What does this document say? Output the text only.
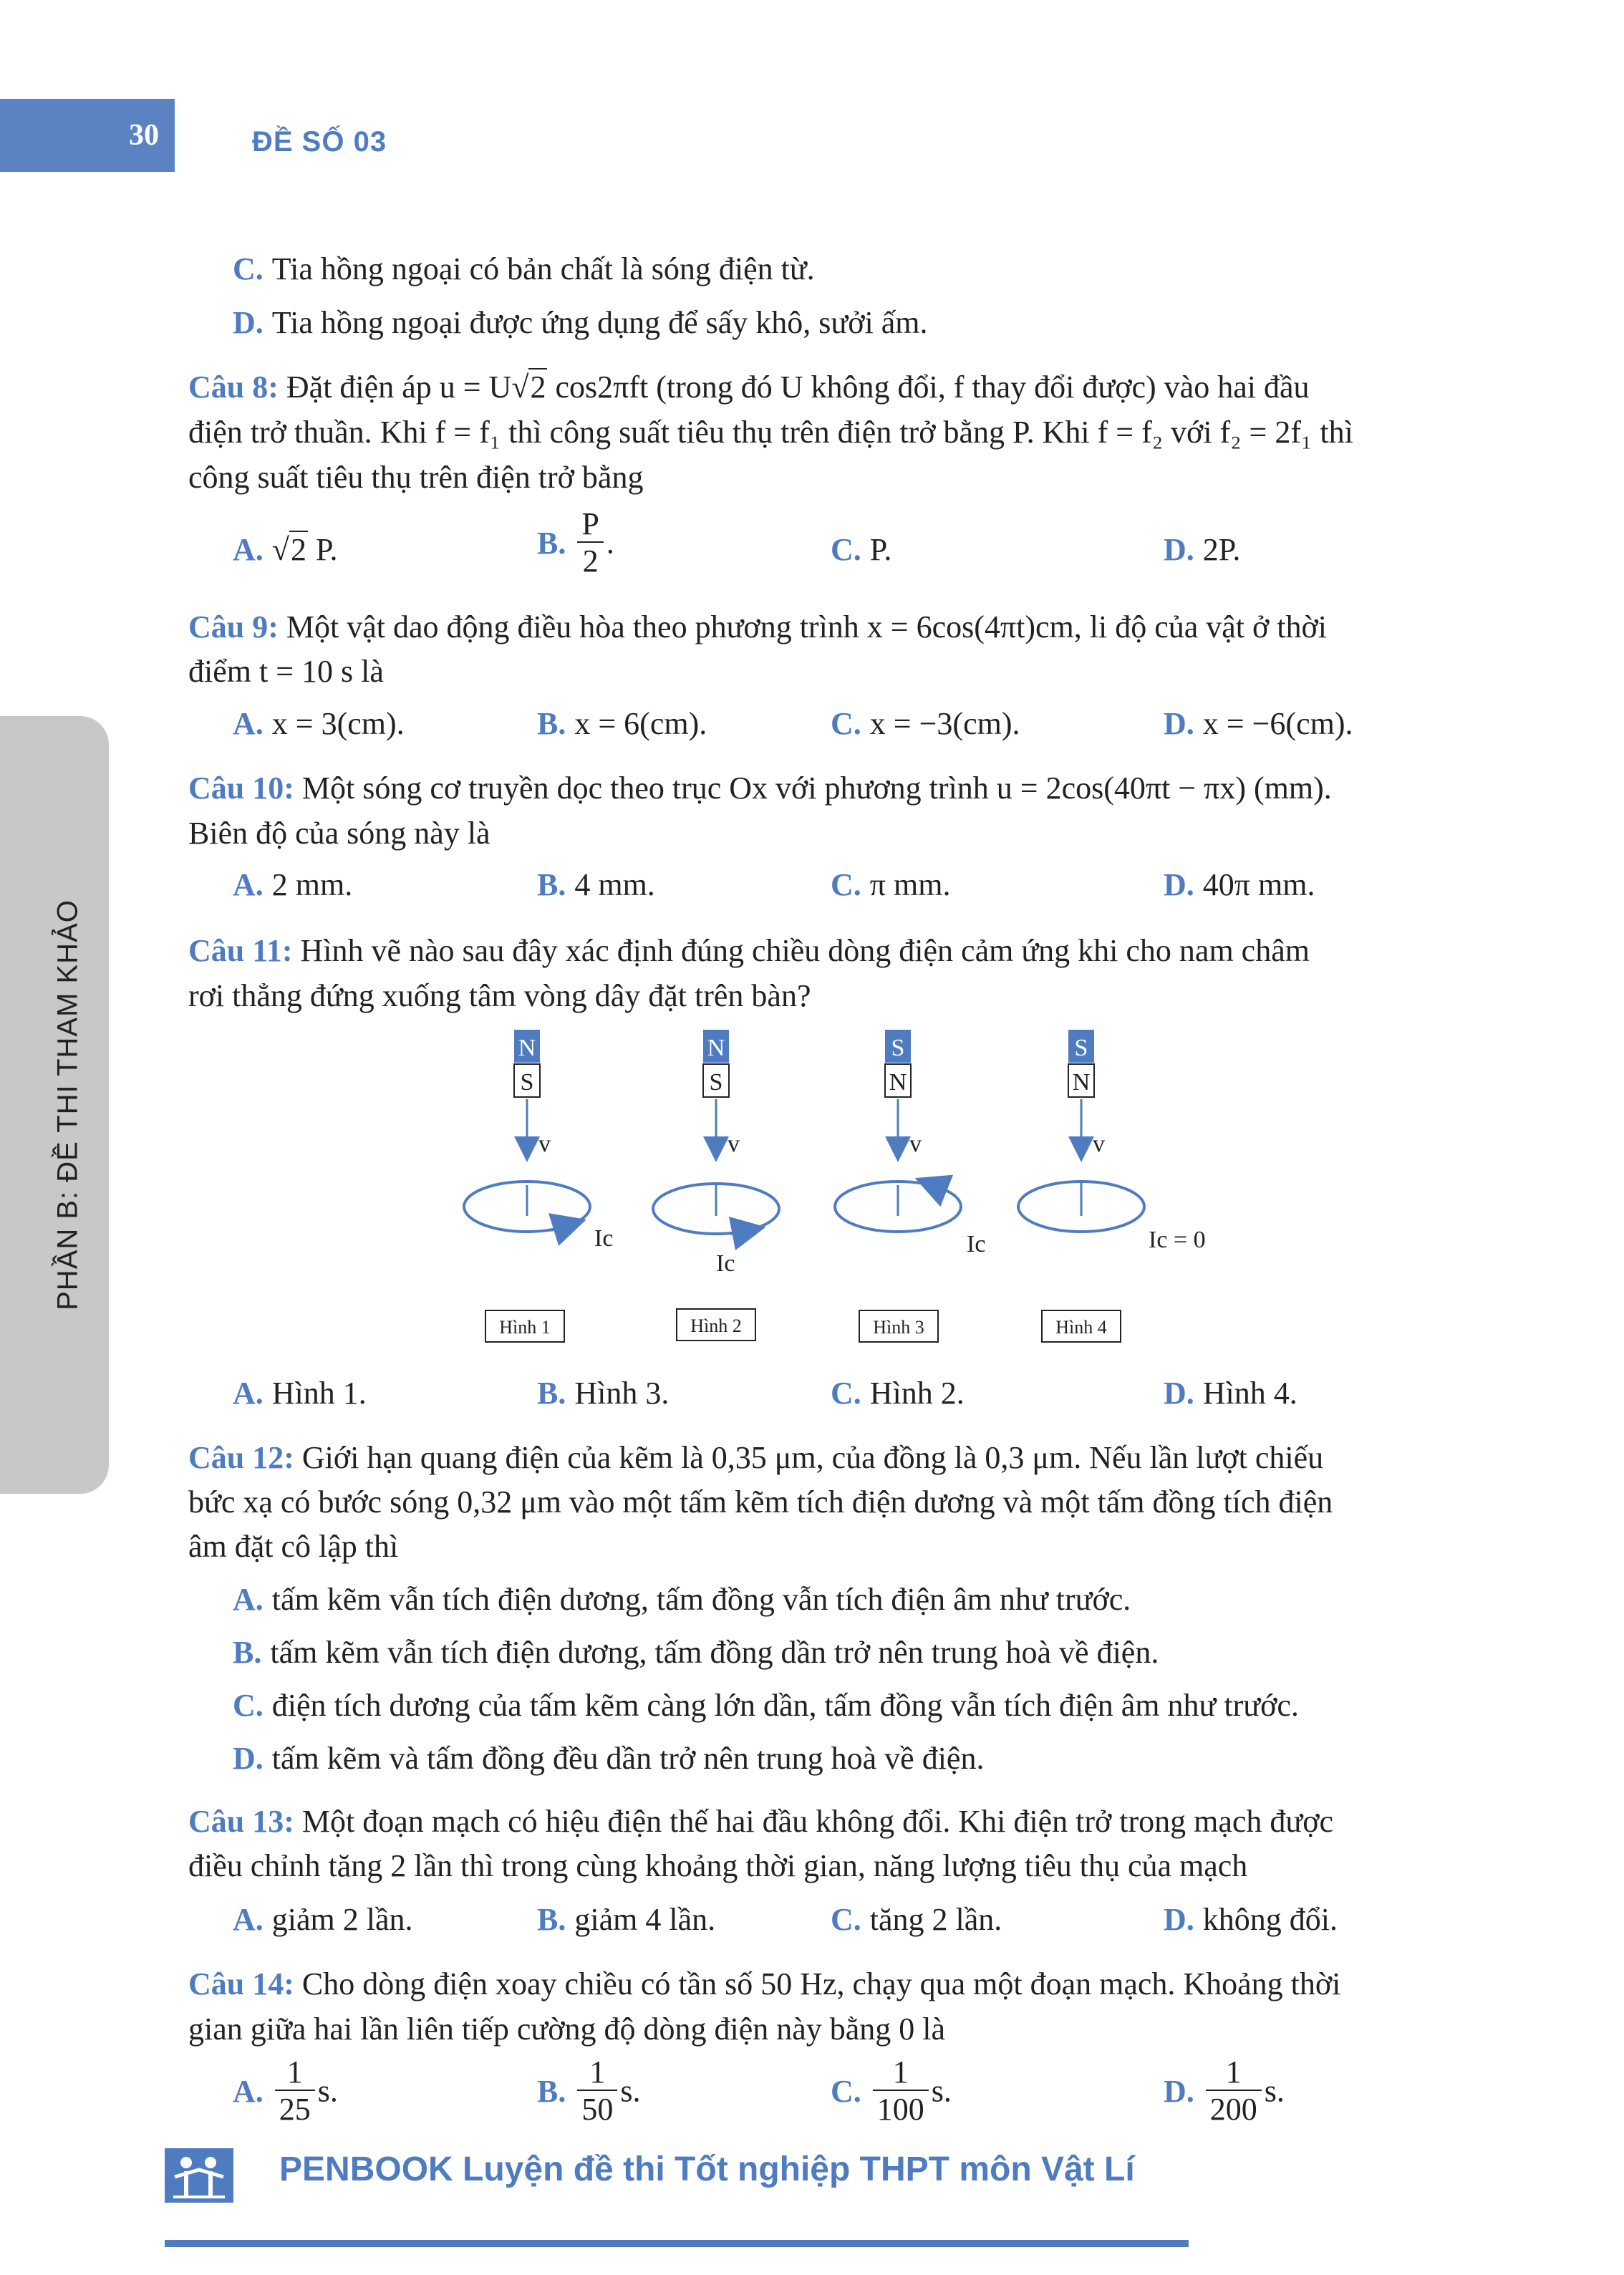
30	ĐỀ SỐ 03
PHẦN B: ĐỀ THI THAM KHẢO
C. Tia hồng ngoại có bản chất là sóng điện từ.
D. Tia hồng ngoại được ứng dụng để sấy khô, sưởi ấm.
Câu 8: Đặt điện áp u = U√2 cos2πft (trong đó U không đổi, f thay đổi được) vào hai đầu
điện trở thuần. Khi f = f₁ thì công suất tiêu thụ trên điện trở bằng P. Khi f = f₂ với f₂ = 2f₁ thì
công suất tiêu thụ trên điện trở bằng
A. √2 P.	B. $\frac{P}{2}$ .	C. P.	D. 2P.
Câu 9: Một vật dao động điều hòa theo phương trình x = 6cos(4πt)cm, li độ của vật ở thời
điểm t = 10 s là
A. x = 3(cm).	B. x = 6(cm).	C. x = −3(cm).	D. x = −6(cm).
Câu 10: Một sóng cơ truyền dọc theo trục Ox với phương trình u = 2cos(40πt − πx) (mm).
Biên độ của sóng này là
A. 2 mm.	B. 4 mm.	C. π mm.	D. 40π mm.
Câu 11: Hình vẽ nào sau đây xác định đúng chiều dòng điện cảm ứng khi cho nam châm
rơi thẳng đứng xuống tâm vòng dây đặt trên bàn?
N
S
v
Ic
Hình 1
N
S
v
Ic
Hình 2
S
N
v
Ic
Hình 3
S
N
v
Ic = 0
Hình 4
A. Hình 1.	B. Hình 3.	C. Hình 2.	D. Hình 4.
Câu 12: Giới hạn quang điện của kẽm là 0,35 μm, của đồng là 0,3 μm. Nếu lần lượt chiếu
bức xạ có bước sóng 0,32 μm vào một tấm kẽm tích điện dương và một tấm đồng tích điện
âm đặt cô lập thì
A. tấm kẽm vẫn tích điện dương, tấm đồng vẫn tích điện âm như trước.
B. tấm kẽm vẫn tích điện dương, tấm đồng dần trở nên trung hoà về điện.
C. điện tích dương của tấm kẽm càng lớn dần, tấm đồng vẫn tích điện âm như trước.
D. tấm kẽm và tấm đồng đều dần trở nên trung hoà về điện.
Câu 13: Một đoạn mạch có hiệu điện thế hai đầu không đổi. Khi điện trở trong mạch được
điều chỉnh tăng 2 lần thì trong cùng khoảng thời gian, năng lượng tiêu thụ của mạch
A. giảm 2 lần.	B. giảm 4 lần.	C. tăng 2 lần.	D. không đổi.
Câu 14: Cho dòng điện xoay chiều có tần số 50 Hz, chạy qua một đoạn mạch. Khoảng thời
gian giữa hai lần liên tiếp cường độ dòng điện này bằng 0 là
A. $\frac{1}{25} s$.	B. $\frac{1}{50} s$.	C. $\frac{1}{100} s$.	D. $\frac{1}{200} s$.
PENBOOK Luyện đề thi Tốt nghiệp THPT môn Vật Lí
